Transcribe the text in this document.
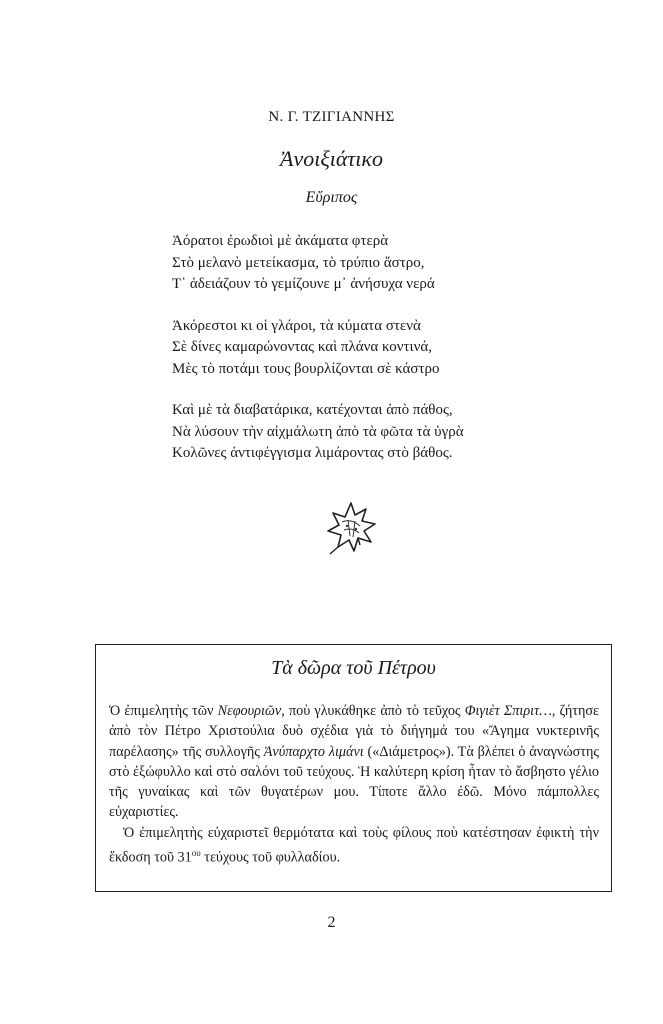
Ν. Γ. ΤΖΙΓΙΑΝΝΗΣ
Ἀνοιξιάτικο
Εὔριπος
Ἀόρατοι ἐρωδιοὶ μὲ ἀκάματα φτερὰ
Στὸ μελανὸ μετείκασμα, τὸ τρύπιο ἄστρο,
Τ᾽ ἀδειάζουν τὸ γεμίζουνε μ᾽ ἀνήσυχα νερά
Ἀκόρεστοι κι οἱ γλάροι, τὰ κύματα στενὰ
Σὲ δίνες καμαρώνοντας καὶ πλάνα κοντινά,
Μὲς τὸ ποτάμι τους βουρλίζονται σὲ κάστρο
Καὶ μὲ τὰ διαβατάρικα, κατέχονται ἀπὸ πάθος,
Νὰ λύσουν τὴν αἰχμάλωτη ἀπὸ τὰ φῶτα τὰ ὑγρὰ
Κολῶνες ἀντιφέγγισμα λιμάροντας στὸ βάθος.
Τὰ δῶρα τοῦ Πέτρου

Ὁ ἐπιμελητὴς τῶν Νεφουριῶν, ποὺ γλυκάθηκε ἀπὸ τὸ τεῦχος Φιγιὲτ Σπιριτ…, ζήτησε ἀπὸ τὸν Πέτρο Χριστούλια δυὸ σχέδια γιὰ τὸ διήγημά του «Ἄγημα νυκτερινῆς παρέλασης» τῆς συλλογῆς Ἀνύπαρχτο λιμάνι («Διάμετρος»). Τὰ βλέπει ὁ ἀναγνώστης στὸ ἐξώφυλλο καὶ στὸ σαλόνι τοῦ τεύχους. Ἡ καλύτερη κρίση ἦταν τὸ ἄσβηστο γέλιο τῆς γυναίκας καὶ τῶν θυγατέρων μου. Τίποτε ἄλλο ἐδῶ. Μόνο πάμπολλες εὐχαριστίες.

Ὁ ἐπιμελητὴς εὐχαριστεῖ θερμότατα καὶ τοὺς φίλους ποὺ κατέστησαν ἐφικτὴ τὴν ἔκδοση τοῦ $31^{o\upsilon}$ τεύχους τοῦ φυλλαδίου.

2
